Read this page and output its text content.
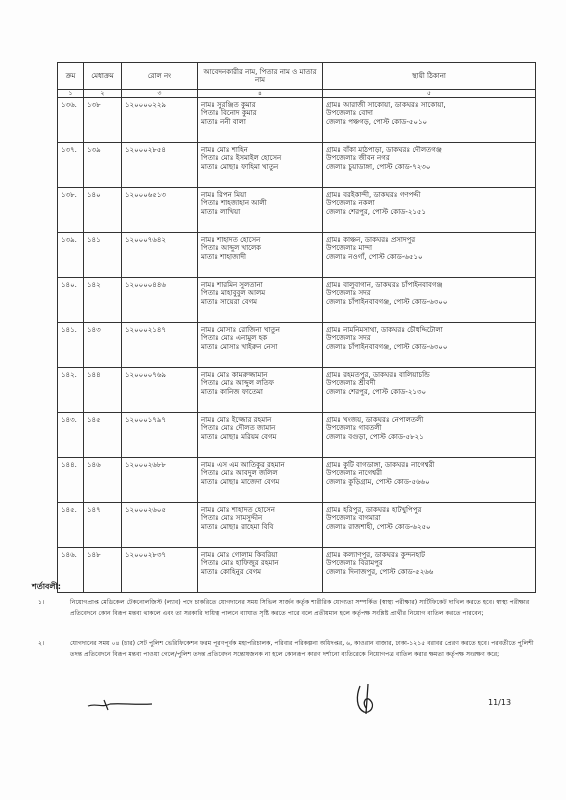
ক্রম	মেধাক্রম	রোল নং	আবেদনকারীর নাম, পিতার নাম ও মাতার নাম	স্থায়ী ঠিকানা
১	২	৩	৪	৫

১৩৬.	১৩৮	১২০০০০২২৯	নামঃ সুরঞ্জিত কুমার
পিতাঃ বিনোদ কুমার
মাতাঃ ননী বালা	গ্রামঃ আরাজী সাকোয়া, ডাকঘরঃ সাকোয়া,
উপজেলাঃ বোদা
জেলাঃ পঞ্চগড়, পোস্ট কোড-৫০১০

১৩৭.	১৩৯	১২০০০২৮৫৪	নামঃ মোঃ শাহিন
পিতাঃ মোঃ ইসমাইল হোসেন
মাতাঃ মোছাঃ ফাহিমা খাতুন	গ্রামঃ বাঁকা মাঠপাড়া, ডাকঘরঃ দৌলতগঞ্জ
উপজেলাঃ জীবন নগর
জেলাঃ চুয়াডাঙ্গা, পোস্ট কোড-৭২৩০

১৩৮.	১৪০	১২০০০৬৫১৩	নামঃ রিপন মিয়া
পিতাঃ শাহজাহান আলী
মাতাঃ লাখিয়া	গ্রামঃ বরইকান্দী, ডাকঘরঃ গণপদ্দী
উপজেলাঃ নকলা
জেলাঃ শেরপুর, পোস্ট কোড-২১৫১

১৩৯.	১৪১	১২০০০৭৬৪২	নামঃ শাহাদত হোসেন
পিতাঃ আব্দুল খালেক
মাতাঃ শাহাজাদী	গ্রামঃ কাঞ্চন, ডাকঘরঃ প্রসাদপুর
উপজেলাঃ মান্দা
জেলাঃ নওগাঁ, পোস্ট কোড-৬৫১০

১৪০.	১৪২	১২০০০০৪৪৬	নামঃ শারমিন সুলতানা
পিতাঃ মাহাবুবুল আলম
মাতাঃ সায়েরা বেগম	গ্রামঃ বালুবাগান, ডাকঘরঃ চাঁপাইনবাবগঞ্জ
উপজেলাঃ সদর
জেলাঃ চাঁপাইনবাবগঞ্জ, পোস্ট কোড-৬৩০০

১৪১.	১৪৩	১২০০০২১৪৭	নামঃ মোসাঃ রোজিনা খাতুন
পিতাঃ মোঃ এনামুল হক
মাতাঃ মোসাঃ খাইরুন নেসা	গ্রামঃ নামনিমসাথা, ডাকঘরঃ চৌধদ্দিটোলা
উপজেলাঃ সদর
জেলাঃ চাঁপাইনবাবগঞ্জ, পোস্ট কোড-৬৩০০

১৪২.	১৪৪	১২০০০০৭৬৯	নামঃ মোঃ কামরুজ্জামান
পিতাঃ মোঃ আব্দুল লতিফ
মাতাঃ কানিজ ফাতেমা	গ্রামঃ রহমতপুর, ডাকঘরঃ বালিয়াচন্ডি
উপজেলাঃ শ্রীবর্দী
জেলাঃ শেরপুর, পোস্ট কোড-২১৩০

১৪৩.	১৪৫	১২০০০১৭৯৭	নামঃ মোঃ ইজ্জোর রহমান
পিতাঃ মোঃ দৌলত জামান
মাতাঃ মোছাঃ মরিয়ম বেগম	গ্রামঃ খংজয়, ডাকঘরঃ নেপালতলী
উপজেলাঃ গাবতলী
জেলাঃ বগুড়া, পোস্ট কোড-৫৮২১

১৪৪.	১৪৬	১২০০০২৬৮৮	নামঃ এস এম আতিকুর রহমান
পিতাঃ মোঃ আবদুল জলিল
মাতাঃ মোছাঃ মাজেদা বেগম	গ্রামঃ কুটি বাগডাঙ্গা, ডাকঘরঃ নাগেশ্বরী
উপজেলাঃ নাগেশ্বরী
জেলাঃ কুড়িগ্রাম, পোস্ট কোড-৫৬৬০

১৪৫.	১৪৭	১২০০০২৬০৫	নামঃ মোঃ শাহাদত হোসেন
পিতাঃ মোঃ সামসুদ্দীন
মাতাঃ মোছাঃ রাহেমা বিবি	গ্রামঃ হরিপুর, ডাকঘরঃ হাটখুপিপুর
উপজেলাঃ বাগমারা
জেলাঃ রাজশাহী, পোস্ট কোড-৬২৫০

১৪৬.	১৪৮	১২০০০২৮৩৭	নামঃ মোঃ গোলাম কিবরিয়া
পিতাঃ মোঃ হাফিজুর রহমান
মাতাঃ কোহিনুর বেগম	গ্রামঃ কল্যাণপুর, ডাকঘরঃ কুন্দনহাট
উপজেলাঃ বিরামপুর
জেলাঃ দিনাজপুর, পোস্ট কোড-৫২৬৬
শর্তাবলী:
১।	নিয়োগপ্রাপ্ত মেডিকেল টেকনোলজিস্ট (ল্যাব) পদে চাকরিতে যোগদানের সময় সিভিল সার্জন কর্তৃক শারীরিক যোগ্যতা সম্পর্কিত (স্বাস্থ্য পরীক্ষার) সার্টিফিকেট দাখিল করতে হবে। স্বাস্থ্য পরীক্ষার প্রতিবেদনে কোন বিরূপ মন্তব্য থাকলে এবং তা সরকারি দায়িত্ব পালনে ব্যাঘাত সৃষ্টি করতে পারে বলে প্রতীয়মান হলে কর্তৃপক্ষ সংশ্লিষ্ট প্রার্থীর নিয়োগ বাতিল করতে পারবেন;
২।	যোগদানের সময় ০৪ (চার) সেট পুলিশ ভেরিফিকেশন ফরম পূরণপূর্বক মহাপরিচালক, পরিবার পরিকল্পনা অধিদপ্তর, ৬, কাওরান বাজার, ঢাকা-১২১৫ বরাবর প্রেরণ করতে হবে। পরবর্তীতে পুলিশী তদন্ত প্রতিবেদনে বিরূপ মন্তব্য পাওয়া গেলে/পুলিশ তদন্ত প্রতিবেদন সন্তোষজনক না হলে কোনরূপ কারণ দর্শানো ব্যতিরেকে নিয়োগপত্র বাতিল করার ক্ষমতা কর্তৃপক্ষ সংরক্ষণ করে;
11/13
